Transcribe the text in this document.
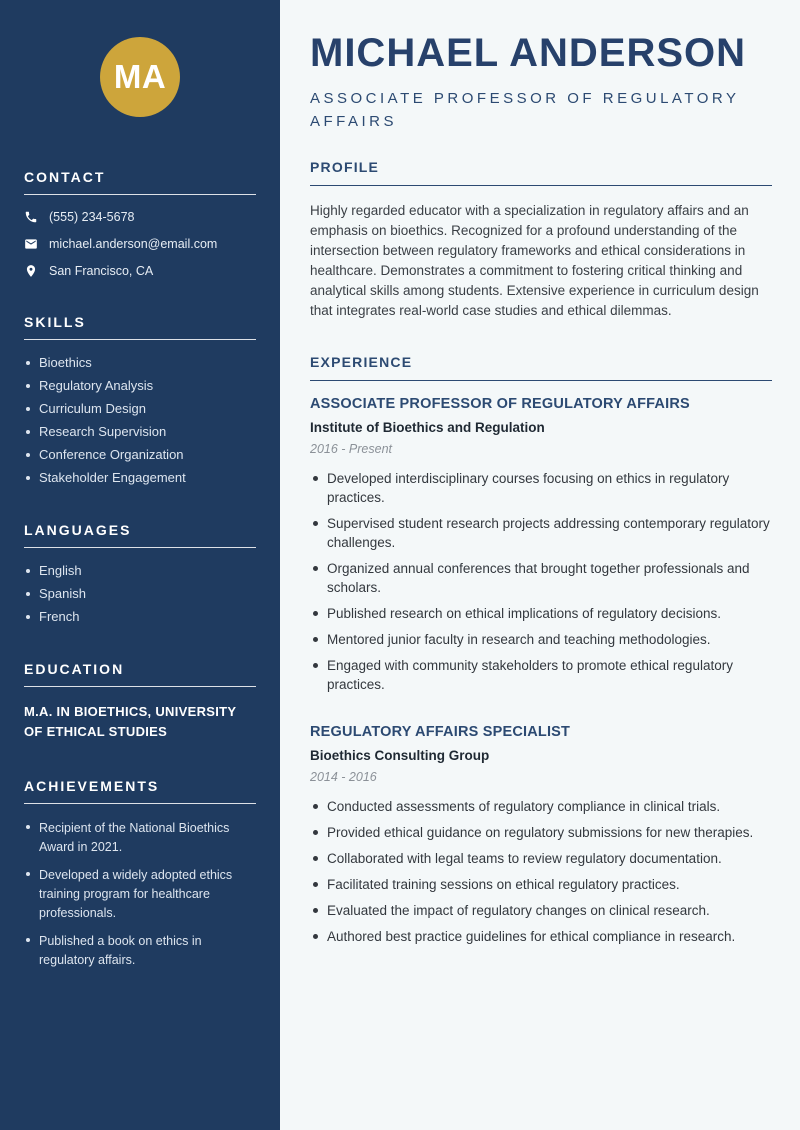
MA
CONTACT
(555) 234-5678
michael.anderson@email.com
San Francisco, CA
SKILLS
Bioethics
Regulatory Analysis
Curriculum Design
Research Supervision
Conference Organization
Stakeholder Engagement
LANGUAGES
English
Spanish
French
EDUCATION
M.A. IN BIOETHICS, UNIVERSITY OF ETHICAL STUDIES
ACHIEVEMENTS
Recipient of the National Bioethics Award in 2021.
Developed a widely adopted ethics training program for healthcare professionals.
Published a book on ethics in regulatory affairs.
MICHAEL ANDERSON
ASSOCIATE PROFESSOR OF REGULATORY AFFAIRS
PROFILE

Highly regarded educator with a specialization in regulatory affairs and an emphasis on bioethics. Recognized for a profound understanding of the intersection between regulatory frameworks and ethical considerations in healthcare. Demonstrates a commitment to fostering critical thinking and analytical skills among students. Extensive experience in curriculum design that integrates real-world case studies and ethical dilemmas.

EXPERIENCE
ASSOCIATE PROFESSOR OF REGULATORY AFFAIRS
Institute of Bioethics and Regulation
2016 - Present
Developed interdisciplinary courses focusing on ethics in regulatory practices.
Supervised student research projects addressing contemporary regulatory challenges.
Organized annual conferences that brought together professionals and scholars.
Published research on ethical implications of regulatory decisions.
Mentored junior faculty in research and teaching methodologies.
Engaged with community stakeholders to promote ethical regulatory practices.
REGULATORY AFFAIRS SPECIALIST
Bioethics Consulting Group
2014 - 2016
Conducted assessments of regulatory compliance in clinical trials.
Provided ethical guidance on regulatory submissions for new therapies.
Collaborated with legal teams to review regulatory documentation.
Facilitated training sessions on ethical regulatory practices.
Evaluated the impact of regulatory changes on clinical research.
Authored best practice guidelines for ethical compliance in research.
